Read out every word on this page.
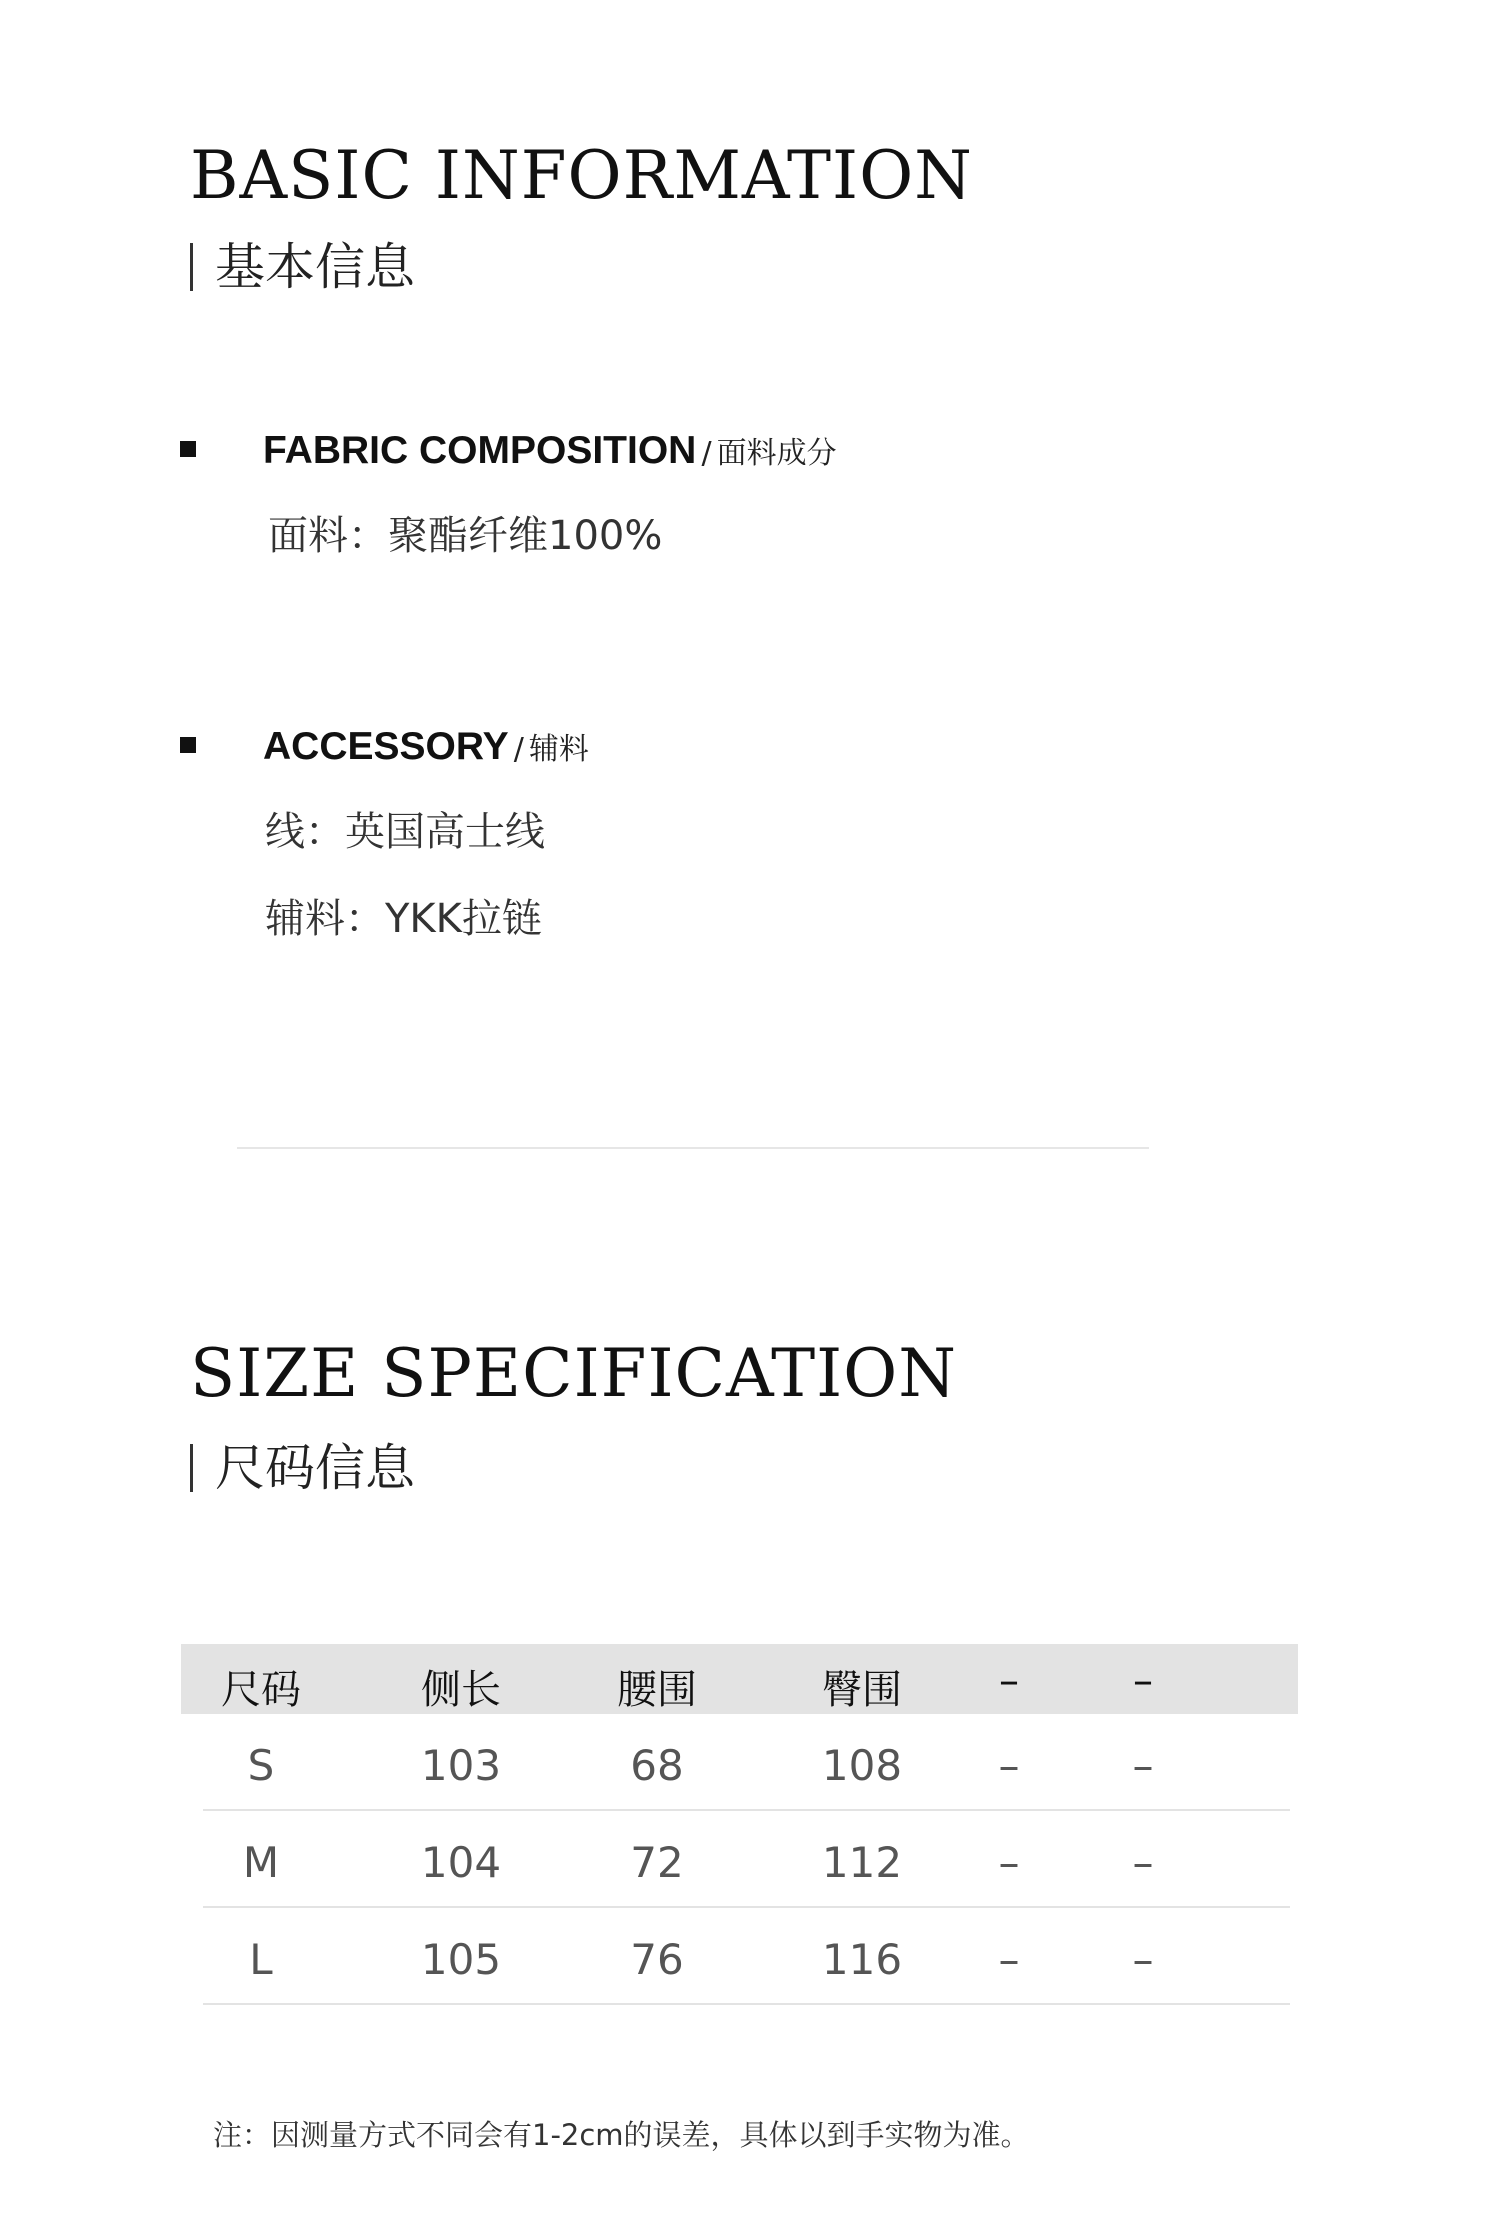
BASIC INFORMATION
基本信息
FABRIC COMPOSITION / 面料成分
面料：聚酯纤维100%
ACCESSORY / 辅料
线：英国高士线
辅料：YKK拉链
SIZE SPECIFICATION
尺码信息
尺码	侧长	腰围	臀围	–	–
S	103	68	108	–	–
M	104	72	112	–	–
L	105	76	116	–	–
注：因测量方式不同会有1-2cm的误差，具体以到手实物为准。
